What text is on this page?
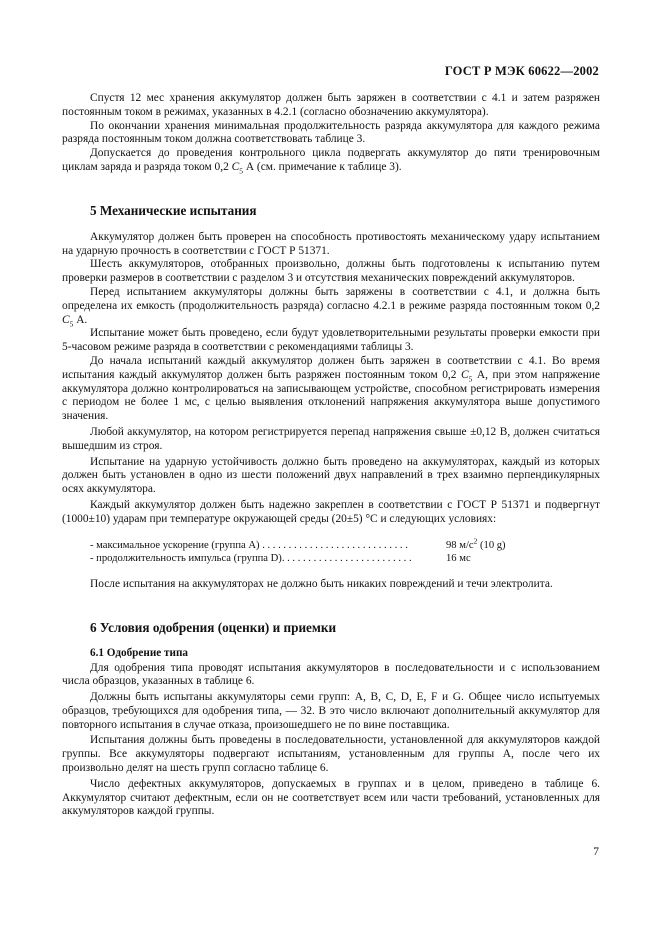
ГОСТ Р МЭК 60622—2002

Спустя 12 мес хранения аккумулятор должен быть заряжен в соответствии с 4.1 и затем разряжен постоянным током в режимах, указанных в 4.2.1 (согласно обозначению аккумулятора).

По окончании хранения минимальная продолжительность разряда аккумулятора для каждого режима разряда постоянным током должна соответствовать таблице 3.

Допускается до проведения контрольного цикла подвергать аккумулятор до пяти тренировочным циклам заряда и разряда током 0,2 $C_5$ А (см. примечание к таблице 3).

5 Механические испытания

Аккумулятор должен быть проверен на способность противостоять механическому удару испытанием на ударную прочность в соответствии с ГОСТ Р 51371.

Шесть аккумуляторов, отобранных произвольно, должны быть подготовлены к испытанию путем проверки размеров в соответствии с разделом 3 и отсутствия механических повреждений аккумуляторов.

Перед испытанием аккумуляторы должны быть заряжены в соответствии с 4.1, и должна быть определена их емкость (продолжительность разряда) согласно 4.2.1 в режиме разряда постоянным током 0,2 $C_5$ А.

Испытание может быть проведено, если будут удовлетворительными результаты проверки емкости при 5-часовом режиме разряда в соответствии с рекомендациями таблицы 3.

До начала испытаний каждый аккумулятор должен быть заряжен в соответствии с 4.1. Во время испытания каждый аккумулятор должен быть разряжен постоянным током 0,2 $C_5$ А, при этом напряжение аккумулятора должно контролироваться на записывающем устройстве, способном регистрировать измерения с периодом не более 1 мс, с целью выявления отклонений напряжения аккумулятора выше допустимого значения.

Любой аккумулятор, на котором регистрируется перепад напряжения свыше ±0,12 В, должен считаться вышедшим из строя.

Испытание на ударную устойчивость должно быть проведено на аккумуляторах, каждый из которых должен быть установлен в одно из шести положений двух направлений в трех взаимно перпендикулярных осях аккумулятора.

Каждый аккумулятор должен быть надежно закреплен в соответствии с ГОСТ Р 51371 и подвергнут (1000±10) ударам при температуре окружающей среды (20±5) °С и следующих условиях:

- максимальное ускорение (группа А) . . . . . . . . . . . . . . . . . . . . . . . . . . . .	98 $м/с^2$ (10 g)
- продолжительность импульса (группа D). . . . . . . . . . . . . . . . . . . . . . . . .	16 мс

После испытания на аккумуляторах не должно быть никаких повреждений и течи электролита.

6 Условия одобрения (оценки) и приемки
6.1 Одобрение типа

Для одобрения типа проводят испытания аккумуляторов в последовательности и с использованием числа образцов, указанных в таблице 6.

Должны быть испытаны аккумуляторы семи групп: А, В, С, D, Е, F и G. Общее число испытуемых образцов, требующихся для одобрения типа, — 32. В это число включают дополнительный аккумулятор для повторного испытания в случае отказа, произошедшего не по вине поставщика.

Испытания должны быть проведены в последовательности, установленной для аккумуляторов каждой группы. Все аккумуляторы подвергают испытаниям, установленным для группы А, после чего их произвольно делят на шесть групп согласно таблице 6.

Число дефектных аккумуляторов, допускаемых в группах и в целом, приведено в таблице 6. Аккумулятор считают дефектным, если он не соответствует всем или части требований, установленных для аккумуляторов каждой группы.

7
